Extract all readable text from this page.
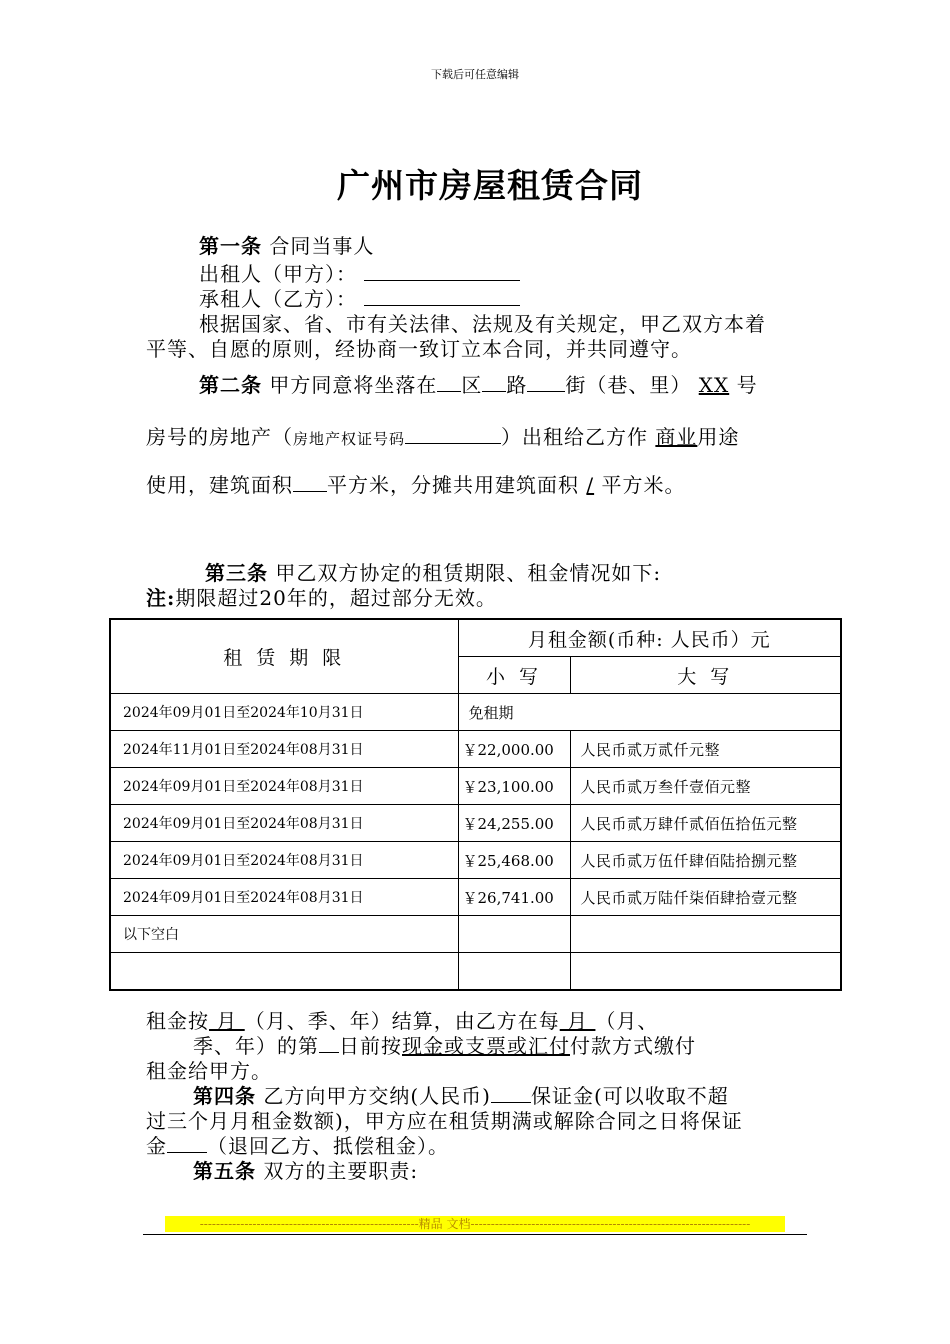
下载后可任意编辑
广州市房屋租赁合同
第一条 合同当事人
出租人（甲方）：
承租人（乙方）：
根据国家、省、市有关法律、法规及有关规定，甲乙双方本着
平等、自愿的原则，经协商一致订立本合同，并共同遵守。
第二条 甲方同意将坐落在 区 路 街（巷、里） XX 号
房号的房地产（房地产权证号码	）出租给乙方作 商业用途
使用，建筑面积 平方米，分摊共用建筑面积 / 平方米。
第三条 甲乙双方协定的租赁期限、租金情况如下:
注:期限超过20年的，超过部分无效。
租 赁 期 限	月租金额(币种: 人民币）元	
	小 写	大 写
2024年09月01日至2024年10月31日	免租期	
2024年11月01日至2024年08月31日	￥22,000.00	人民币贰万贰仟元整
2024年09月01日至2024年08月31日	￥23,100.00	人民币贰万叁仟壹佰元整
2024年09月01日至2024年08月31日	￥24,255.00	人民币贰万肆仟贰佰伍拾伍元整
2024年09月01日至2024年08月31日	￥25,468.00	人民币贰万伍仟肆佰陆拾捌元整
2024年09月01日至2024年08月31日	￥26,741.00	人民币贰万陆仟柒佰肆拾壹元整
以下空白		

租金按 月 （月、季、年）结算，由乙方在每 月 （月、
季、年）的第 日前按现金或支票或汇付付款方式缴付
租金给甲方。
第四条 乙方向甲方交纳(人民币) 保证金(可以收取不超
过三个月月租金数额)，甲方应在租赁期满或解除合同之日将保证
金 （退回乙方、抵偿租金）。
第五条 双方的主要职责:
------------------------------------------------------精品 文档---------------------------------------------------------------------
